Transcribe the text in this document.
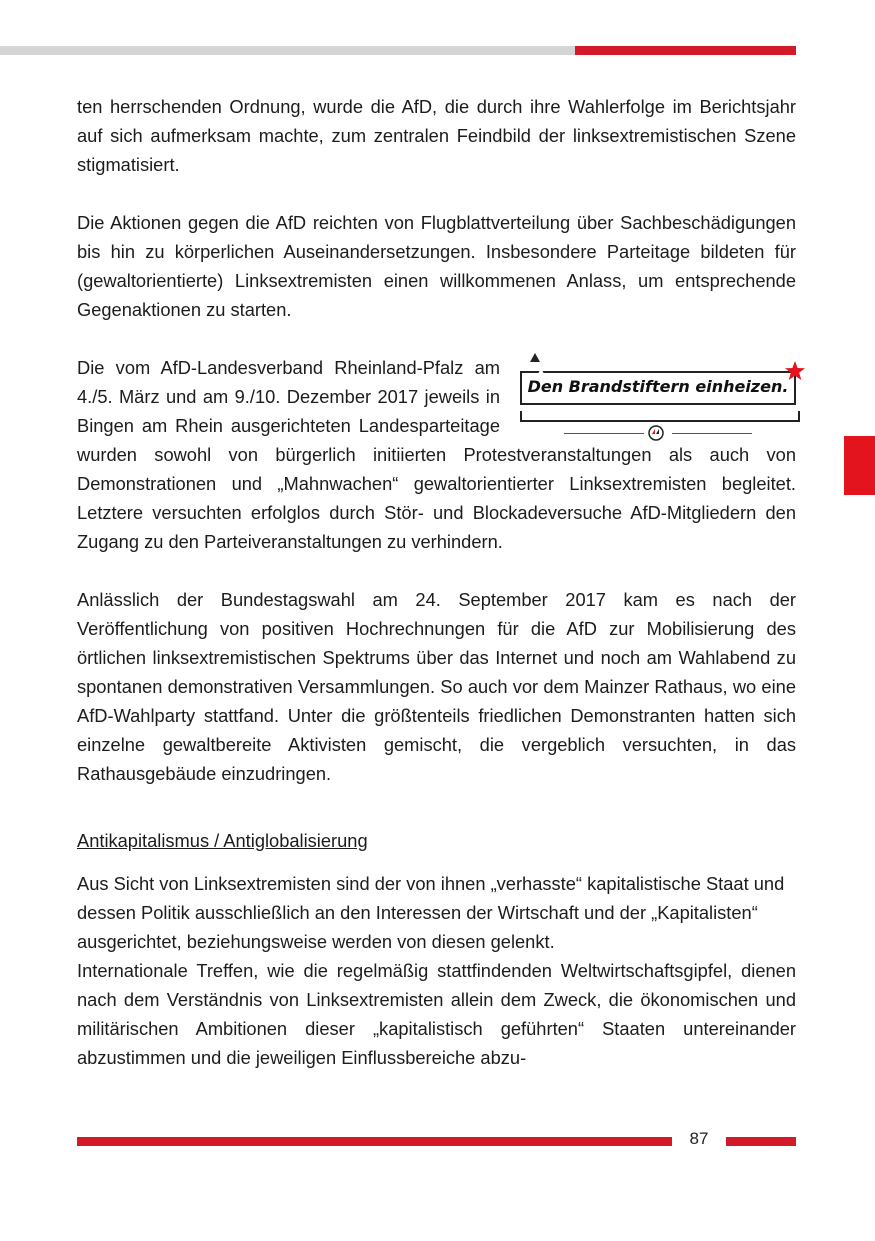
ten herrschenden Ordnung, wurde die AfD, die durch ihre Wahlerfolge im Berichtsjahr auf sich aufmerksam machte, zum zentralen Feindbild der linksextremistischen Szene stigmatisiert.

Die Aktionen gegen die AfD reichten von Flugblattverteilung über Sachbeschädigungen bis hin zu körperlichen Auseinandersetzungen. Insbesondere Parteitage bildeten für (gewaltorientierte) Linksextremisten einen willkommenen Anlass, um entsprechende Gegenaktionen zu starten.

Den Brandstiftern einheizen.

Die vom AfD-Landesverband Rheinland-Pfalz am 4./5. März und am 9./10. Dezember 2017 jeweils in Bingen am Rhein ausgerichteten Landesparteitage wurden sowohl von bürgerlich initiierten Protestveranstaltungen als auch von Demonstrationen und „Mahnwachen“ gewaltorientierter Linksextremisten begleitet. Letztere versuchten erfolglos durch Stör- und Blockadeversuche AfD-Mitgliedern den Zugang zu den Parteiveranstaltungen zu verhindern.

Anlässlich der Bundestagswahl am 24. September 2017 kam es nach der Veröffentlichung von positiven Hochrechnungen für die AfD zur Mobilisierung des örtlichen linksextremistischen Spektrums über das Internet und noch am Wahlabend zu spontanen demonstrativen Versammlungen. So auch vor dem Mainzer Rathaus, wo eine AfD-Wahlparty stattfand. Unter die größtenteils friedlichen Demonstranten hatten sich einzelne gewaltbereite Aktivisten gemischt, die vergeblich versuchten, in das Rathausgebäude einzudringen.

Antikapitalismus / Antiglobalisierung

Aus Sicht von Linksextremisten sind der von ihnen „verhasste“ kapitalistische Staat und dessen Politik ausschließlich an den Interessen der Wirtschaft und der „Kapitalisten“ ausgerichtet, beziehungsweise werden von diesen gelenkt.

Internationale Treffen, wie die regelmäßig stattfindenden Weltwirtschaftsgipfel, dienen nach dem Verständnis von Linksextremisten allein dem Zweck, die ökonomischen und militärischen Ambitionen dieser „kapitalistisch geführten“ Staaten untereinander abzustimmen und die jeweiligen Einflussbereiche abzu-

87
